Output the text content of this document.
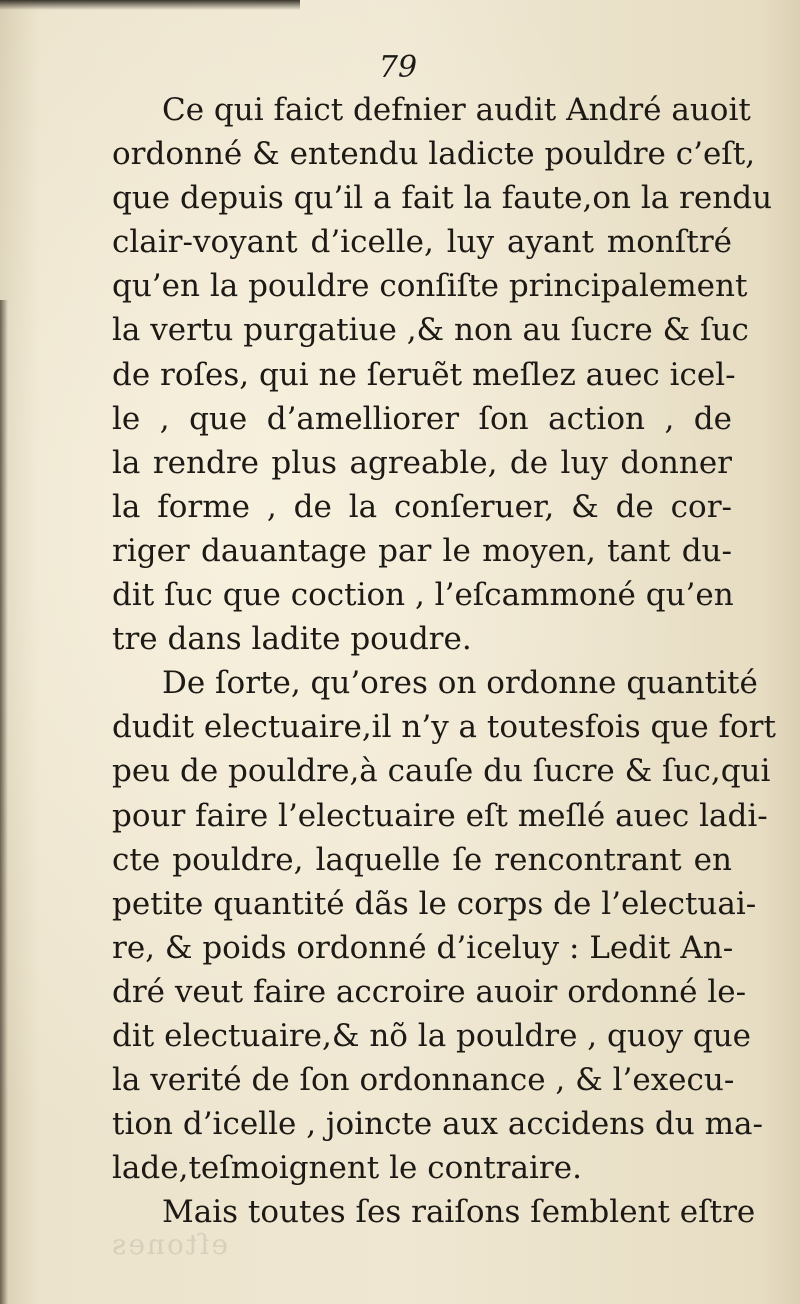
79
Ce qui faict defnier audit André auoit
ordonné & entendu ladicte pouldre c’eſt,
que depuis qu’il a fait la faute,on la rendu
clair-voyant d’icelle, luy ayant monſtré
qu’en la pouldre conſiſte principalement
la vertu purgatiue ,& non au ſucre & ſuc
de roſes, qui ne ſeruẽt meſlez auec icel-
le , que d’amelliorer ſon action , de
la rendre plus agreable, de luy donner
la forme , de la conſeruer, & de cor-
riger dauantage par le moyen, tant du-
dit ſuc que coction , l’eſcammoné qu’en
tre dans ladite poudre.
De ſorte, qu’ores on ordonne quantité
dudit electuaire,il n’y a toutesfois que fort
peu de pouldre,à cauſe du ſucre & ſuc,qui
pour faire l’electuaire eſt meſlé auec ladi-
cte pouldre, laquelle ſe rencontrant en
petite quantité dãs le corps de l’electuai-
re, & poids ordonné d’iceluy : Ledit An-
dré veut faire accroire auoir ordonné le-
dit electuaire,& nõ la pouldre , quoy que
la verité de ſon ordonnance , & l’execu-
tion d’icelle , joincte aux accidens du ma-
lade,teſmoignent le contraire.
Mais toutes ſes raiſons ſemblent eſtre
eſtones
